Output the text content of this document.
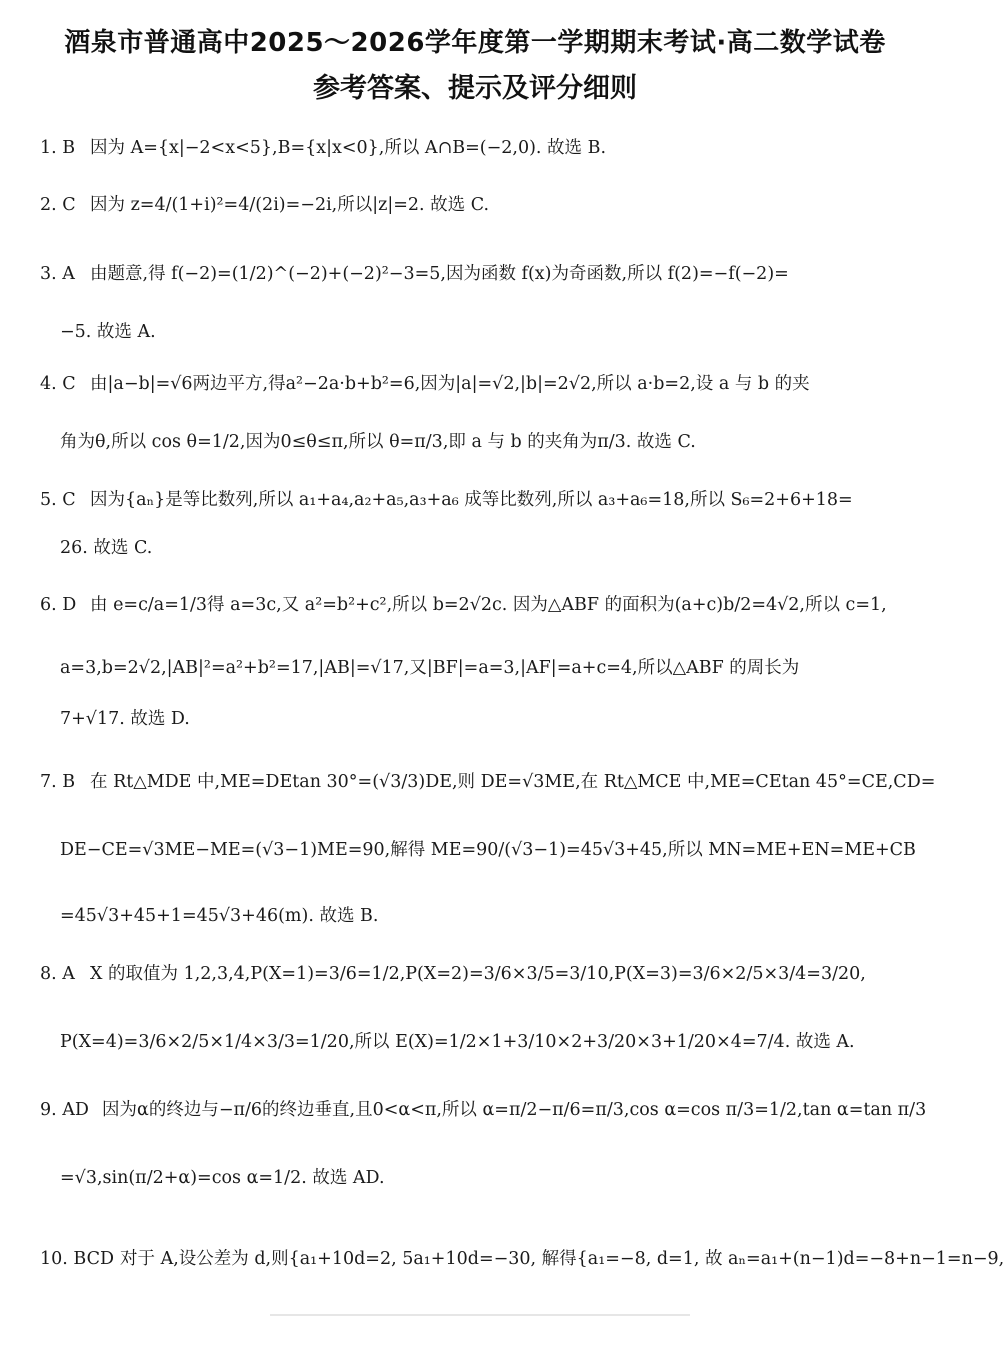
酒泉市普通高中2025～2026学年度第一学期期末考试·高二数学试卷
参考答案、提示及评分细则
1. B 因为 A={x|−2<x<5},B={x|x<0},所以 A∩B=(−2,0). 故选 B.
2. C 因为 z=4/(1+i)²=4/(2i)=−2i,所以|z|=2. 故选 C.
3. A 由题意,得 f(−2)=(1/2)^(−2)+(−2)²−3=5,因为函数 f(x)为奇函数,所以 f(2)=−f(−2)=
−5. 故选 A.
4. C 由|a−b|=√6两边平方,得a²−2a·b+b²=6,因为|a|=√2,|b|=2√2,所以 a·b=2,设 a 与 b 的夹
角为θ,所以 cos θ=1/2,因为0≤θ≤π,所以 θ=π/3,即 a 与 b 的夹角为π/3. 故选 C.
5. C 因为{aₙ}是等比数列,所以 a₁+a₄,a₂+a₅,a₃+a₆ 成等比数列,所以 a₃+a₆=18,所以 S₆=2+6+18=
26. 故选 C.
6. D 由 e=c/a=1/3得 a=3c,又 a²=b²+c²,所以 b=2√2c. 因为△ABF 的面积为(a+c)b/2=4√2,所以 c=1,
a=3,b=2√2,|AB|²=a²+b²=17,|AB|=√17,又|BF|=a=3,|AF|=a+c=4,所以△ABF 的周长为
7+√17. 故选 D.
7. B 在 Rt△MDE 中,ME=DEtan 30°=(√3/3)DE,则 DE=√3ME,在 Rt△MCE 中,ME=CEtan 45°=CE,CD=
DE−CE=√3ME−ME=(√3−1)ME=90,解得 ME=90/(√3−1)=45√3+45,所以 MN=ME+EN=ME+CB
=45√3+45+1=45√3+46(m). 故选 B.
8. A X 的取值为 1,2,3,4,P(X=1)=3/6=1/2,P(X=2)=3/6×3/5=3/10,P(X=3)=3/6×2/5×3/4=3/20,
P(X=4)=3/6×2/5×1/4×3/3=1/20,所以 E(X)=1/2×1+3/10×2+3/20×3+1/20×4=7/4. 故选 A.
9. AD 因为α的终边与−π/6的终边垂直,且0<α<π,所以 α=π/2−π/6=π/3,cos α=cos π/3=1/2,tan α=tan π/3
=√3,sin(π/2+α)=cos α=1/2. 故选 AD.
10. BCD 对于 A,设公差为 d,则{a₁+10d=2, 5a₁+10d=−30, 解得{a₁=−8, d=1, 故 aₙ=a₁+(n−1)d=−8+n−1=n−9,
